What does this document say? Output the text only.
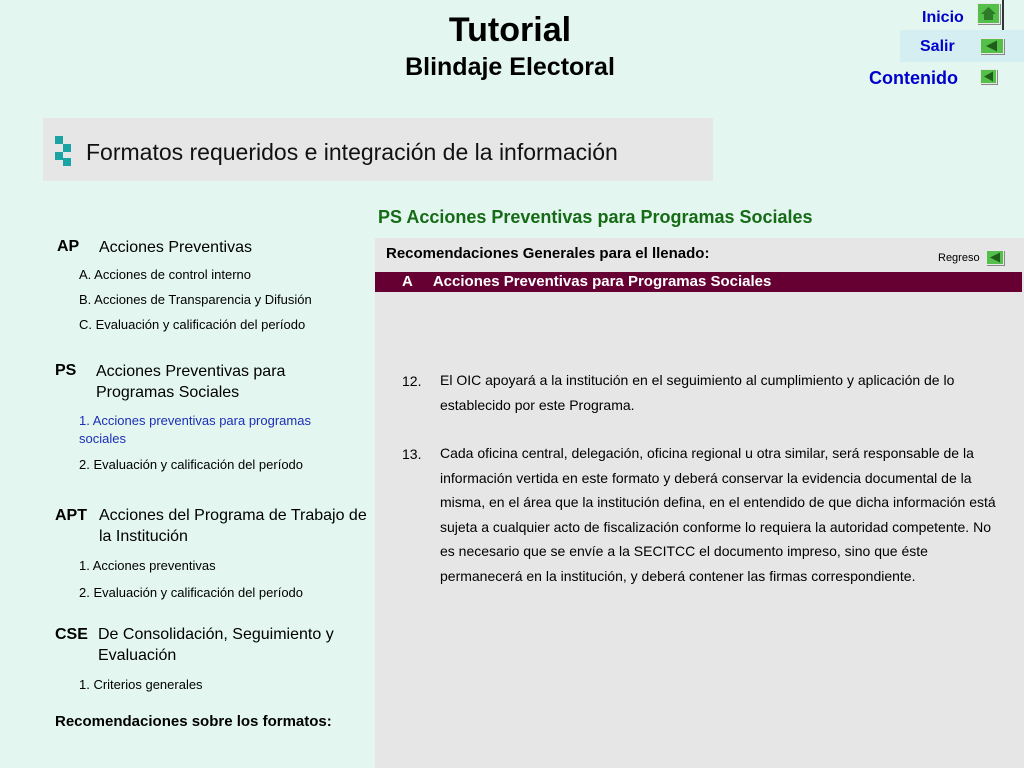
Tutorial
Blindaje Electoral
Inicio
Salir
Contenido
Formatos requeridos e integración de la información
PS Acciones Preventivas para Programas Sociales
AP Acciones Preventivas
A. Acciones de control interno
B. Acciones de Transparencia y Difusión
C. Evaluación y calificación del período
PS Acciones Preventivas para Programas Sociales
1. Acciones preventivas para programas sociales
2. Evaluación y calificación del período
APT Acciones del Programa de Trabajo de la Institución
1. Acciones preventivas
2. Evaluación y calificación del período
CSE De Consolidación, Seguimiento y Evaluación
1. Criterios generales
Recomendaciones sobre los formatos:
Recomendaciones Generales para el llenado:	Regreso
A Acciones Preventivas para Programas Sociales
12. El OIC apoyará a la institución en el seguimiento al cumplimiento y aplicación de lo establecido por este Programa.
13. Cada oficina central, delegación, oficina regional u otra similar, será responsable de la información vertida en este formato y deberá conservar la evidencia documental de la misma, en el área que la institución defina, en el entendido de que dicha información está sujeta a cualquier acto de fiscalización conforme lo requiera la autoridad competente. No es necesario que se envíe a la SECITCC el documento impreso, sino que éste permanecerá en la institución, y deberá contener las firmas correspondiente.
